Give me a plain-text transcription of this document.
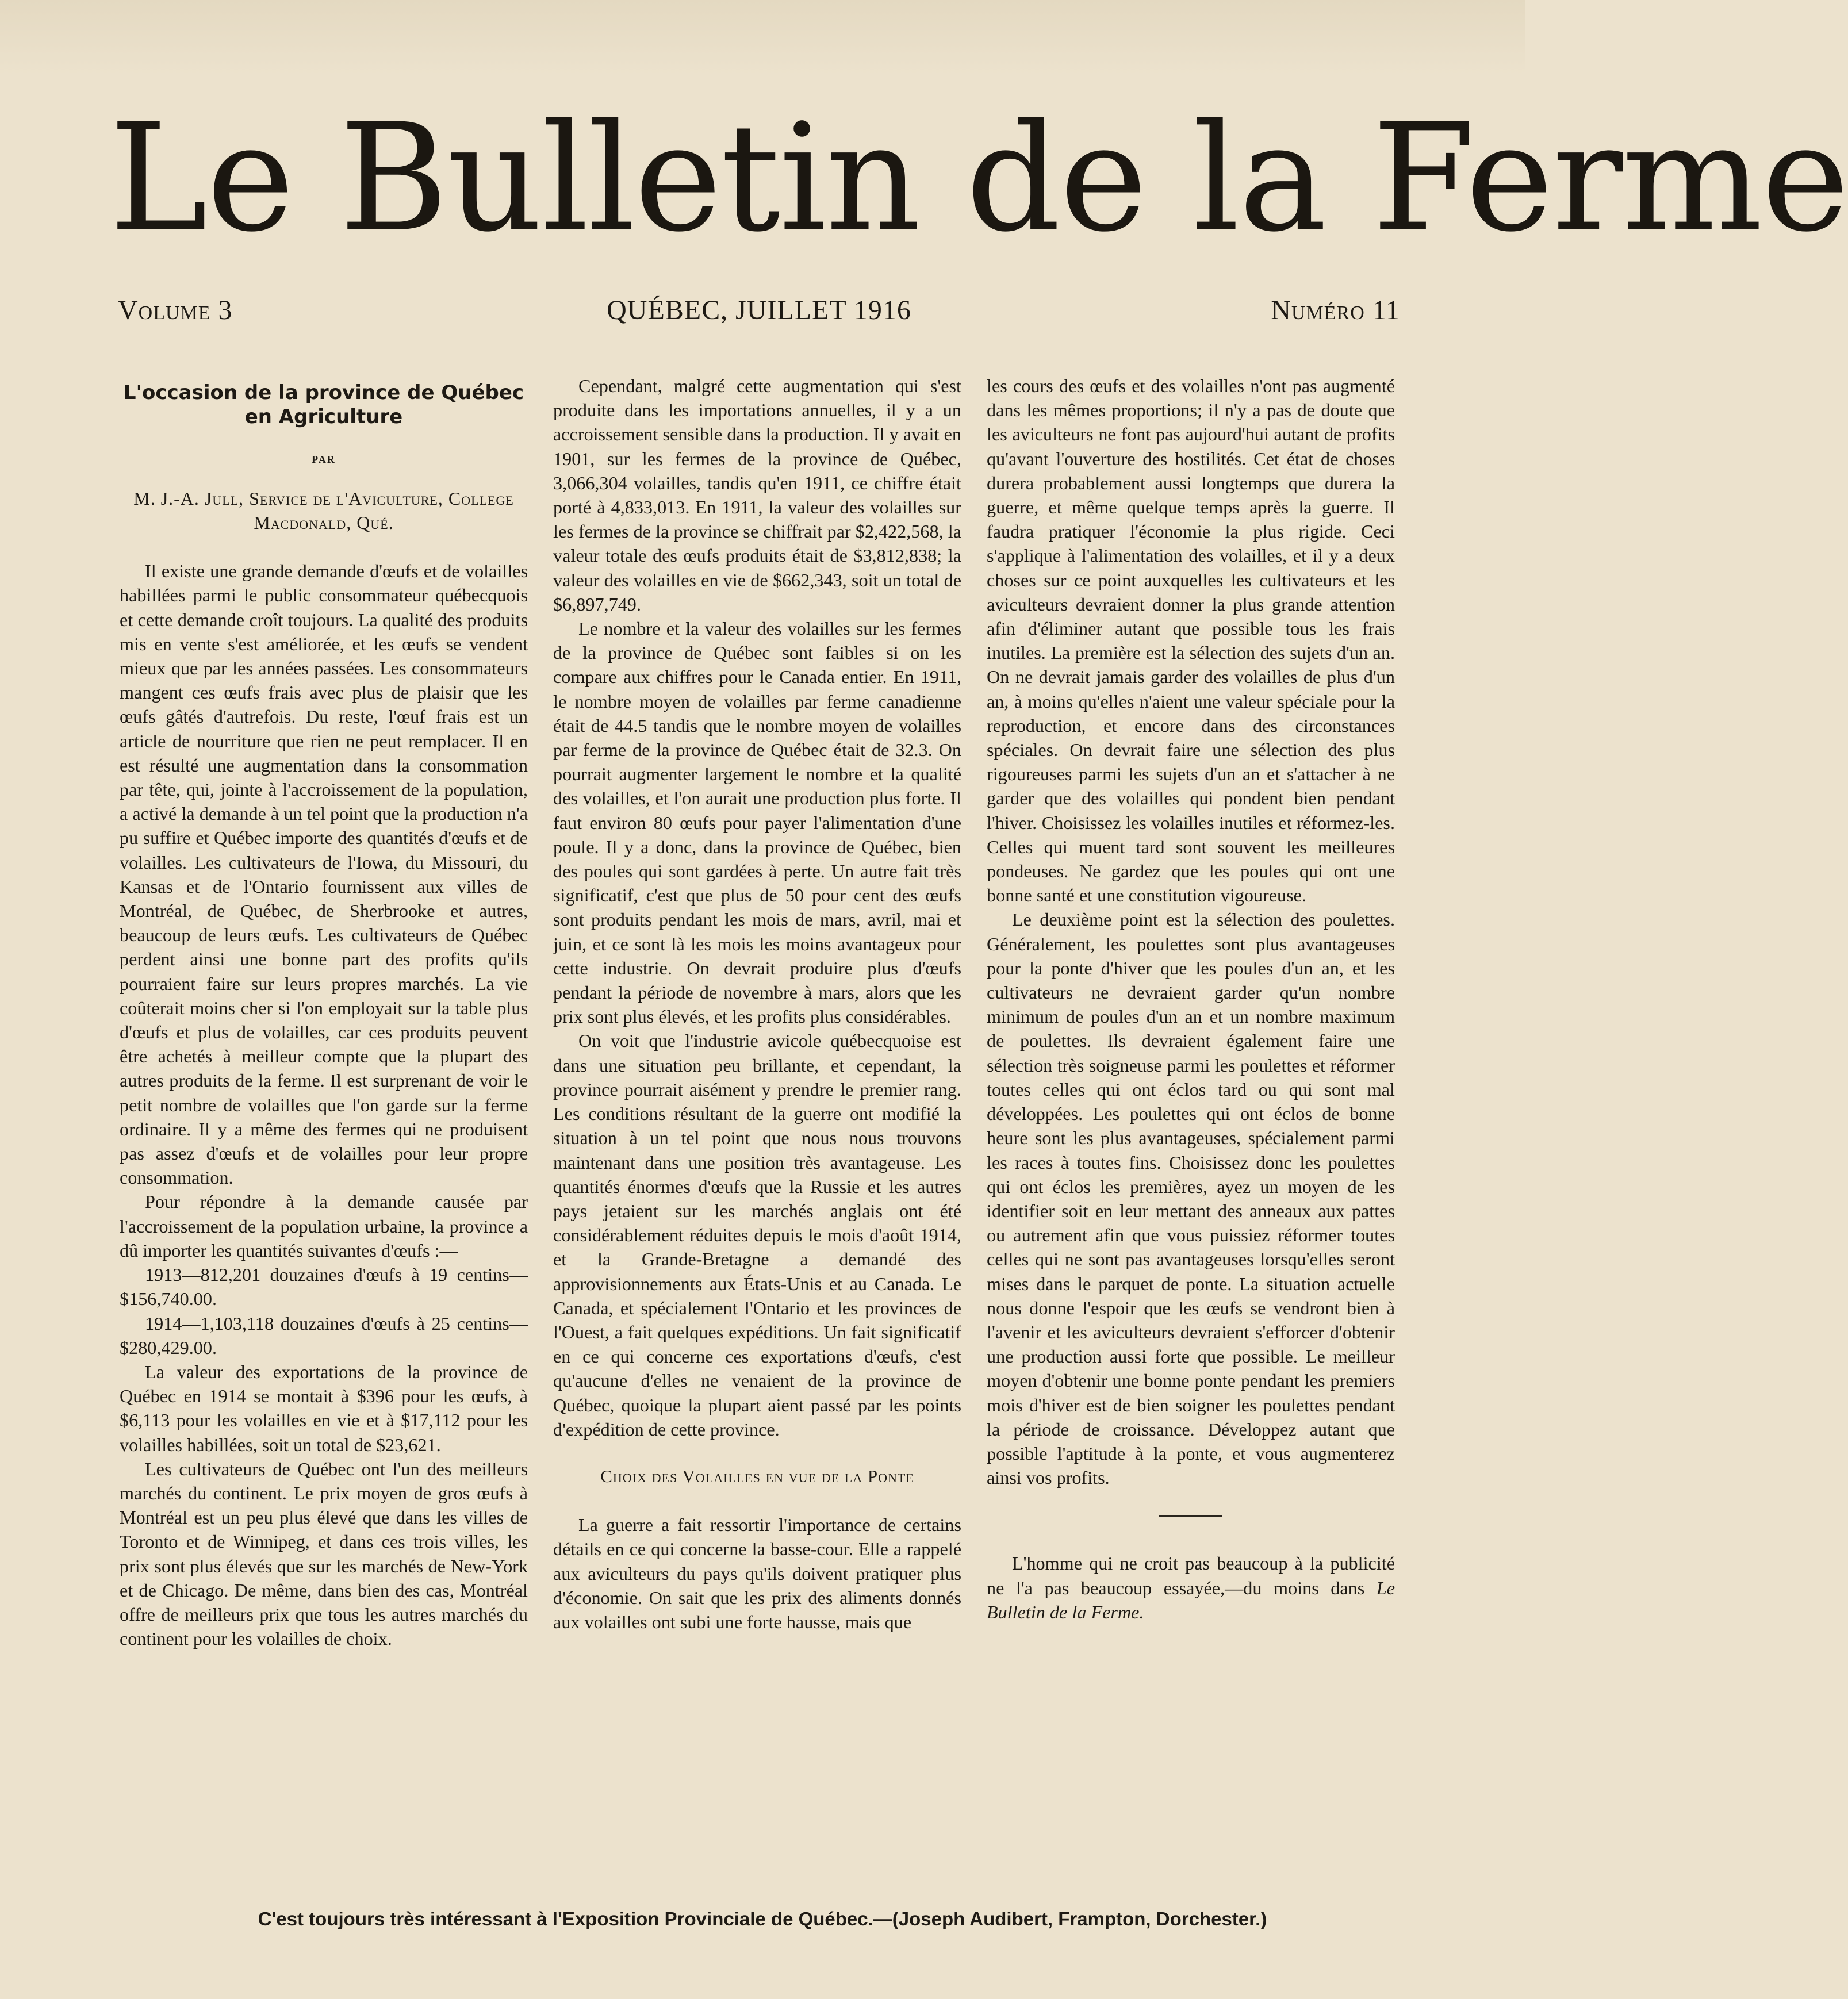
Le Bulletin de la Ferme
Volume 3	QUÉBEC, JUILLET 1916	Numéro 11
L'occasion de la province de Québec en Agriculture
par
M. J.-A. Jull, Service de l'Aviculture, College Macdonald, Qué.

Il existe une grande demande d'œufs et de volailles habillées parmi le public consommateur québecquois et cette demande croît toujours. La qualité des produits mis en vente s'est améliorée, et les œufs se vendent mieux que par les années passées. Les consommateurs mangent ces œufs frais avec plus de plaisir que les œufs gâtés d'autrefois. Du reste, l'œuf frais est un article de nourriture que rien ne peut remplacer. Il en est résulté une augmentation dans la consommation par tête, qui, jointe à l'accroissement de la population, a activé la demande à un tel point que la production n'a pu suffire et Québec importe des quantités d'œufs et de volailles. Les cultivateurs de l'Iowa, du Missouri, du Kansas et de l'Ontario fournissent aux villes de Montréal, de Québec, de Sherbrooke et autres, beaucoup de leurs œufs. Les cultivateurs de Québec perdent ainsi une bonne part des profits qu'ils pourraient faire sur leurs propres marchés. La vie coûterait moins cher si l'on employait sur la table plus d'œufs et plus de volailles, car ces produits peuvent être achetés à meilleur compte que la plupart des autres produits de la ferme. Il est surprenant de voir le petit nombre de volailles que l'on garde sur la ferme ordinaire. Il y a même des fermes qui ne produisent pas assez d'œufs et de volailles pour leur propre consommation.

Pour répondre à la demande causée par l'accroissement de la population urbaine, la province a dû importer les quantités suivantes d'œufs :—

1913—812,201 douzaines d'œufs à 19 centins—$156,740.00.

1914—1,103,118 douzaines d'œufs à 25 centins—$280,429.00.

La valeur des exportations de la province de Québec en 1914 se montait à $396 pour les œufs, à $6,113 pour les volailles en vie et à $17,112 pour les volailles habillées, soit un total de $23,621.

Les cultivateurs de Québec ont l'un des meilleurs marchés du continent. Le prix moyen de gros œufs à Montréal est un peu plus élevé que dans les villes de Toronto et de Winnipeg, et dans ces trois villes, les prix sont plus élevés que sur les marchés de New-York et de Chicago. De même, dans bien des cas, Montréal offre de meilleurs prix que tous les autres marchés du continent pour les volailles de choix.

Cependant, malgré cette augmentation qui s'est produite dans les importations annuelles, il y a un accroissement sensible dans la production. Il y avait en 1901, sur les fermes de la province de Québec, 3,066,304 volailles, tandis qu'en 1911, ce chiffre était porté à 4,833,013. En 1911, la valeur des volailles sur les fermes de la province se chiffrait par $2,422,568, la valeur totale des œufs produits était de $3,812,838; la valeur des volailles en vie de $662,343, soit un total de $6,897,749.

Le nombre et la valeur des volailles sur les fermes de la province de Québec sont faibles si on les compare aux chiffres pour le Canada entier. En 1911, le nombre moyen de volailles par ferme canadienne était de 44.5 tandis que le nombre moyen de volailles par ferme de la province de Québec était de 32.3. On pourrait augmenter largement le nombre et la qualité des volailles, et l'on aurait une production plus forte. Il faut environ 80 œufs pour payer l'alimentation d'une poule. Il y a donc, dans la province de Québec, bien des poules qui sont gardées à perte. Un autre fait très significatif, c'est que plus de 50 pour cent des œufs sont produits pendant les mois de mars, avril, mai et juin, et ce sont là les mois les moins avantageux pour cette industrie. On devrait produire plus d'œufs pendant la période de novembre à mars, alors que les prix sont plus élevés, et les profits plus considérables.

On voit que l'industrie avicole québecquoise est dans une situation peu brillante, et cependant, la province pourrait aisément y prendre le premier rang. Les conditions résultant de la guerre ont modifié la situation à un tel point que nous nous trouvons maintenant dans une position très avantageuse. Les quantités énormes d'œufs que la Russie et les autres pays jetaient sur les marchés anglais ont été considérablement réduites depuis le mois d'août 1914, et la Grande-Bretagne a demandé des approvisionnements aux États-Unis et au Canada. Le Canada, et spécialement l'Ontario et les provinces de l'Ouest, a fait quelques expéditions. Un fait significatif en ce qui concerne ces exportations d'œufs, c'est qu'aucune d'elles ne venaient de la province de Québec, quoique la plupart aient passé par les points d'expédition de cette province.

Choix des Volailles en vue de la Ponte

La guerre a fait ressortir l'importance de certains détails en ce qui concerne la basse-cour. Elle a rappelé aux aviculteurs du pays qu'ils doivent pratiquer plus d'économie. On sait que les prix des aliments donnés aux volailles ont subi une forte hausse, mais que

les cours des œufs et des volailles n'ont pas augmenté dans les mêmes proportions; il n'y a pas de doute que les aviculteurs ne font pas aujourd'hui autant de profits qu'avant l'ouverture des hostilités. Cet état de choses durera probablement aussi longtemps que durera la guerre, et même quelque temps après la guerre. Il faudra pratiquer l'économie la plus rigide. Ceci s'applique à l'alimentation des volailles, et il y a deux choses sur ce point auxquelles les cultivateurs et les aviculteurs devraient donner la plus grande attention afin d'éliminer autant que possible tous les frais inutiles. La première est la sélection des sujets d'un an. On ne devrait jamais garder des volailles de plus d'un an, à moins qu'elles n'aient une valeur spéciale pour la reproduction, et encore dans des circonstances spéciales. On devrait faire une sélection des plus rigoureuses parmi les sujets d'un an et s'attacher à ne garder que des volailles qui pondent bien pendant l'hiver. Choisissez les volailles inutiles et réformez-les. Celles qui muent tard sont souvent les meilleures pondeuses. Ne gardez que les poules qui ont une bonne santé et une constitution vigoureuse.

Le deuxième point est la sélection des poulettes. Généralement, les poulettes sont plus avantageuses pour la ponte d'hiver que les poules d'un an, et les cultivateurs ne devraient garder qu'un nombre minimum de poules d'un an et un nombre maximum de poulettes. Ils devraient également faire une sélection très soigneuse parmi les poulettes et réformer toutes celles qui ont éclos tard ou qui sont mal développées. Les poulettes qui ont éclos de bonne heure sont les plus avantageuses, spécialement parmi les races à toutes fins. Choisissez donc les poulettes qui ont éclos les premières, ayez un moyen de les identifier soit en leur mettant des anneaux aux pattes ou autrement afin que vous puissiez réformer toutes celles qui ne sont pas avantageuses lorsqu'elles seront mises dans le parquet de ponte. La situation actuelle nous donne l'espoir que les œufs se vendront bien à l'avenir et les aviculteurs devraient s'efforcer d'obtenir une production aussi forte que possible. Le meilleur moyen d'obtenir une bonne ponte pendant les premiers mois d'hiver est de bien soigner les poulettes pendant la période de croissance. Développez autant que possible l'aptitude à la ponte, et vous augmenterez ainsi vos profits.

L'homme qui ne croit pas beaucoup à la publicité ne l'a pas beaucoup essayée,—du moins dans Le Bulletin de la Ferme.

C'est toujours très intéressant à l'Exposition Provinciale de Québec.—(Joseph Audibert, Frampton, Dorchester.)
